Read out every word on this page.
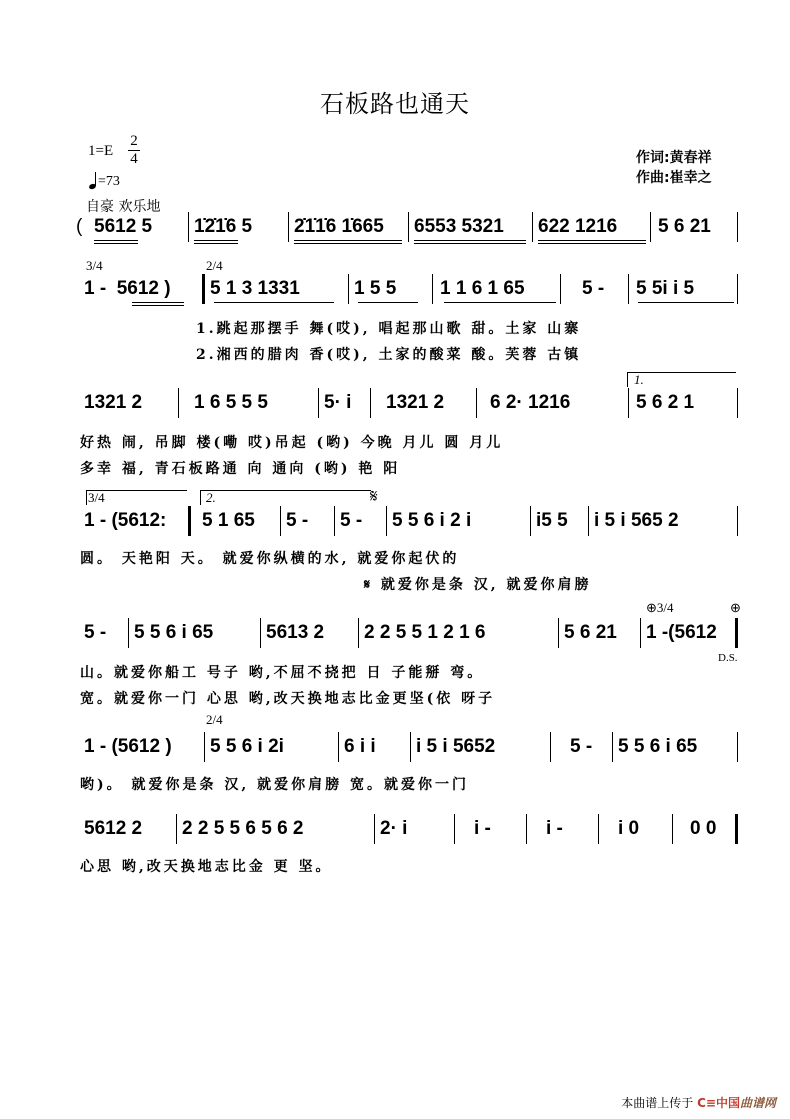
石板路也通天
1=E
2
4
=73
自豪 欢乐地
作词:黄春祥
作曲:崔幸之
( 5612 5 1̇2̇1̇6 5 2̇1̇1̇6 1̇665 6553 5321 622 1216 5 6 21
3/4	2/4
1 -  5612 ) 5 1 3 1331	1 5 5 1 1 6 1 65	5 - 5 5i i 5
1.跳起那摆手 舞(哎), 唱起那山歌 甜。土家 山寨
2.湘西的腊肉 香(哎), 土家的酸菜 酸。芙蓉 古镇
1.
1321 2	1 6 5 5 5	5· i 1321 2 6 2· 1216	5 6 2 1
好热 闹, 吊脚 楼(嘞 哎)吊起 (哟) 今晚 月儿 圆 月儿
多幸 福, 青石板路通 向 通向 (哟) 艳 阳
3/4	2.	𝄋
1 - (5612: 5 1 65 5 - 5 - 5 5 6 i 2 i	i5 5 i 5 i 565 2
圆。 天艳阳 天。 就爱你纵横的水, 就爱你起伏的
𝄋 就爱你是条 汉, 就爱你肩膀
⊕3/4	⊕
5 - 5 5 6 i 65	5613 2 2 2 5 5 1 2 1 6	5 6 21 1 -(5612
D.S.
山。就爱你船工 号子 哟,不屈不挠把 日 子能掰 弯。
宽。就爱你一门 心思 哟,改天换地志比金更坚(依 呀子
2/4
1 - (5612 ) 5 5 6 i 2i	6 i i i 5 i 5652	5 - 5 5 6 i 65
哟)。 就爱你是条 汉, 就爱你肩膀 宽。就爱你一门
5612 2 2 2 5 5 6 5 6 2	2· i	i -	i -	i 0	0 0
心思 哟,改天换地志比金 更 坚。
本曲谱上传于 C≡中国曲谱网
